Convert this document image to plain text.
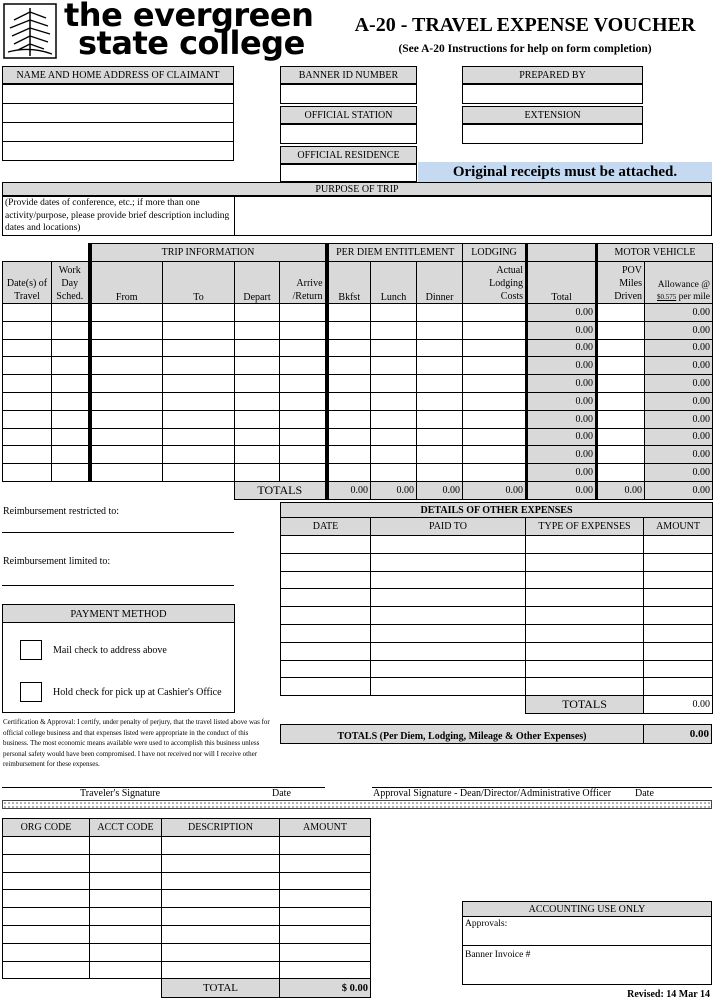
the evergreen
state college	A-20 - TRAVEL EXPENSE VOUCHER
(See A-20 Instructions for help on form completion)
NAME AND HOME ADDRESS OF CLAIMANT	BANNER ID NUMBER
OFFICIAL STATION
OFFICIAL RESIDENCE
PREPARED BY
EXTENSION
Original receipts must be attached.
PURPOSE OF TRIP
(Provide dates of conference, etc.; if more than one activity/purpose, please provide brief description including dates and locations)
		TRIP INFORMATION				PER DIEM ENTITLEMENT			LODGING		MOTOR VEHICLE	
Date(s) of Travel	Work Day Sched.	From	To	Depart	Arrive /Return	Bkfst	Lunch	Dinner	Actual Lodging Costs	Total	POV Miles Driven	Allowance @
$0.575 per mile
										0.00		0.00
										0.00		0.00
										0.00		0.00
										0.00		0.00
										0.00		0.00
										0.00		0.00
										0.00		0.00
										0.00		0.00
										0.00		0.00
										0.00		0.00
				TOTALS		0.00	0.00	0.00	0.00	0.00	0.00	0.00
Reimbursement restricted to:
Reimbursement limited to:
PAYMENT METHOD
Mail check to address above
Hold check for pick up at Cashier's Office
DETAILS OF OTHER EXPENSES			
DATE	PAID TO	TYPE OF EXPENSES	AMOUNT

		TOTALS	0.00
Certification & Approval: I certify, under penalty of perjury, that the travel listed above was for official college business and that expenses listed were appropriate in the conduct of this business. The most economic means available were used to accomplish this business unless personal safety would have been compromised. I have not received nor will I receive other reimbursement for these expenses.
TOTALS (Per Diem, Lodging, Mileage & Other Expenses)	0.00
Traveler's Signature	Date	Approval Signature - Dean/Director/Administrative Officer Date
ORG CODE	ACCT CODE	DESCRIPTION	AMOUNT

		TOTAL	$ 0.00
ACCOUNTING USE ONLY
Approvals:
Banner Invoice #
Revised: 14 Mar 14
